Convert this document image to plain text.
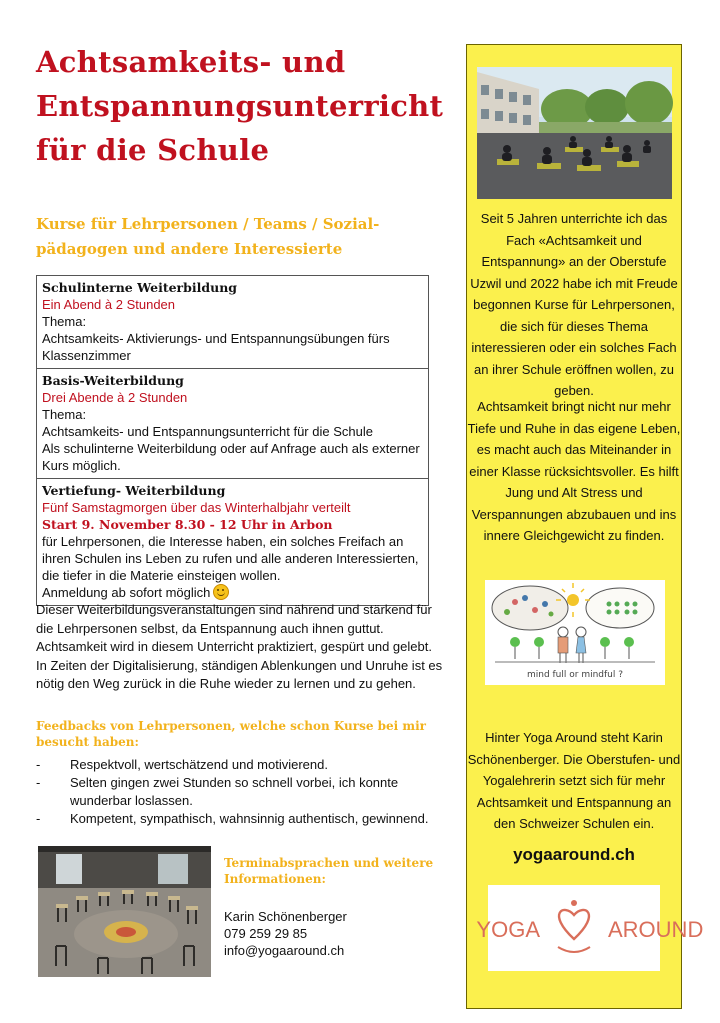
Achtsamkeits- und
Entspannungsunterricht
für die Schule
Kurse für Lehrpersonen / Teams / Sozial-
pädagogen und andere Interessierte
Schulinterne Weiterbildung
Ein Abend à 2 Stunden
Thema:
Achtsamkeits- Aktivierungs- und Entspannungsübungen fürs Klassenzimmer

Basis-Weiterbildung
Drei Abende à 2 Stunden
Thema:
Achtsamkeits- und Entspannungsunterricht für die Schule
Als schulinterne Weiterbildung oder auf Anfrage auch als externer Kurs möglich.

Vertiefung- Weiterbildung
Fünf Samstagmorgen über das Winterhalbjahr verteilt
Start 9. November 8.30 - 12 Uhr in Arbon
für Lehrpersonen, die Interesse haben, ein solches Freifach an ihren Schulen ins Leben zu rufen und alle anderen Interessierten, die tiefer in die Materie einsteigen wollen.
Anmeldung ab sofort möglich

Dieser Weiterbildungsveranstaltungen sind nährend und stärkend für die Lehrpersonen selbst, da Entspannung auch ihnen guttut. Achtsamkeit wird in diesem Unterricht praktiziert, gespürt und gelebt. In Zeiten der Digitalisierung, ständigen Ablenkungen und Unruhe ist es nötig den Weg zurück in die Ruhe wieder zu lernen und zu gehen.

Feedbacks von Lehrpersonen, welche schon Kurse bei mir besucht haben:

- Respektvoll, wertschätzend und motivierend.
- Selten gingen zwei Stunden so schnell vorbei, ich konnte wunderbar loslassen.
- Kompetent, sympathisch, wahnsinnig authentisch, gewinnend.

Terminabsprachen und weitere Informationen:

Karin Schönenberger
079 259 29 85
info@yogaaround.ch

Seit 5 Jahren unterrichte ich das Fach «Achtsamkeit und Entspannung» an der Oberstufe Uzwil und 2022 habe ich mit Freude begonnen Kurse für Lehrpersonen, die sich für dieses Thema interessieren oder ein solches Fach an ihrer Schule eröffnen wollen, zu geben.

Achtsamkeit bringt nicht nur mehr Tiefe und Ruhe in das eigene Leben, es macht auch das Miteinander in einer Klasse rücksichtsvoller. Es hilft Jung und Alt Stress und Verspannungen abzubauen und ins innere Gleichgewicht zu finden.

mind full or mindful ?

Hinter Yoga Around steht Karin Schönenberger. Die Oberstufen- und Yogalehrerin setzt sich für mehr Achtsamkeit und Entspannung an den Schweizer Schulen ein.

yogaaround.ch
YOGA	AROUND
